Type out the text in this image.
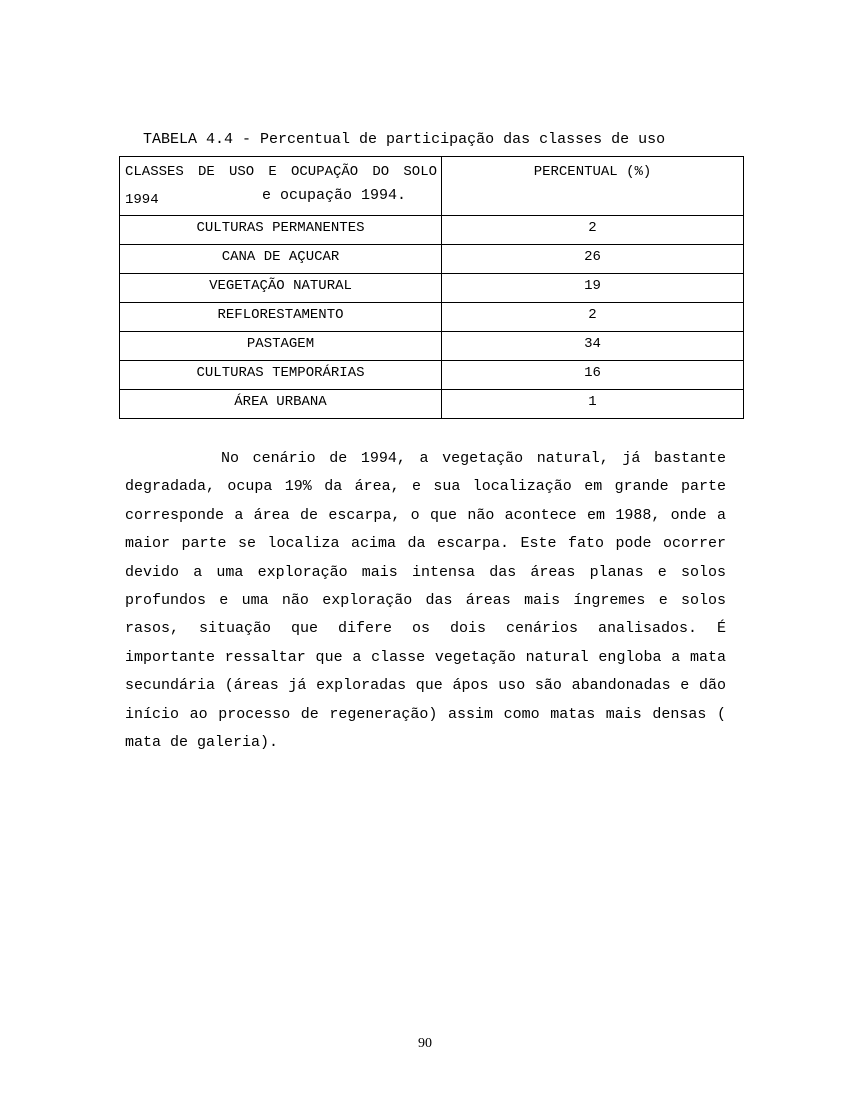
TABELA 4.4 - Percentual de participação das classes de uso

e ocupação 1994.

CLASSES DE USO E OCUPAÇÃO DO SOLO 1994	PERCENTUAL (%)
CULTURAS PERMANENTES	2
CANA DE AÇUCAR	26
VEGETAÇÃO NATURAL	19
REFLORESTAMENTO	2
PASTAGEM	34
CULTURAS TEMPORÁRIAS	16
ÁREA URBANA	1

No cenário de 1994, a vegetação natural, já bastante degradada, ocupa 19% da área, e sua localização em grande parte corresponde a área de escarpa, o que não acontece em 1988, onde a maior parte se localiza acima da escarpa. Este fato pode ocorrer devido a uma exploração mais intensa das áreas planas e solos profundos e uma não exploração das áreas mais íngremes e solos rasos, situação que difere os dois cenários analisados. É importante ressaltar que a classe vegetação natural engloba a mata secundária (áreas já exploradas que ápos uso são abandonadas e dão início ao processo de regeneração) assim como matas mais densas ( mata de galeria).

90
